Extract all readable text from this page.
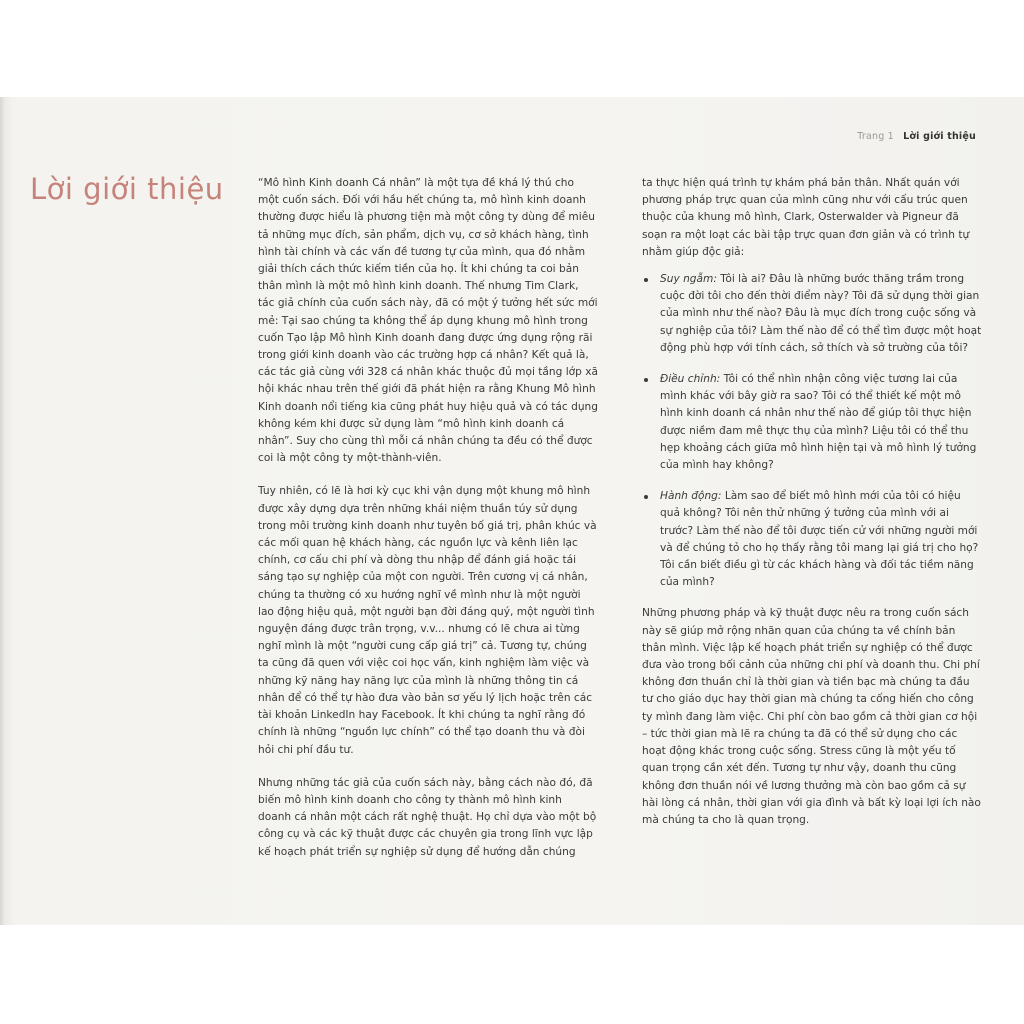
Trang 1 Lời giới thiệu
Lời giới thiệu	“Mô hình Kinh doanh Cá nhân” là một tựa đề khá lý thú cho một cuốn sách. Đối với hầu hết chúng ta, mô hình kinh doanh thường được hiểu là phương tiện mà một công ty dùng để miêu tả những mục đích, sản phẩm, dịch vụ, cơ sở khách hàng, tình hình tài chính và các vấn đề tương tự của mình, qua đó nhằm giải thích cách thức kiếm tiền của họ. Ít khi chúng ta coi bản thân mình là một mô hình kinh doanh. Thế nhưng Tim Clark, tác giả chính của cuốn sách này, đã có một ý tưởng hết sức mới mẻ: Tại sao chúng ta không thể áp dụng khung mô hình trong cuốn Tạo lập Mô hình Kinh doanh đang được ứng dụng rộng rãi trong giới kinh doanh vào các trường hợp cá nhân? Kết quả là, các tác giả cùng với 328 cá nhân khác thuộc đủ mọi tầng lớp xã hội khác nhau trên thế giới đã phát hiện ra rằng Khung Mô hình Kinh doanh nổi tiếng kia cũng phát huy hiệu quả và có tác dụng không kém khi được sử dụng làm “mô hình kinh doanh cá nhân”. Suy cho cùng thì mỗi cá nhân chúng ta đều có thể được coi là một công ty một-thành-viên.

Tuy nhiên, có lẽ là hơi kỳ cục khi vận dụng một khung mô hình được xây dựng dựa trên những khái niệm thuần túy sử dụng trong môi trường kinh doanh như tuyên bố giá trị, phân khúc và các mối quan hệ khách hàng, các nguồn lực và kênh liên lạc chính, cơ cấu chi phí và dòng thu nhập để đánh giá hoặc tái sáng tạo sự nghiệp của một con người. Trên cương vị cá nhân, chúng ta thường có xu hướng nghĩ về mình như là một người lao động hiệu quả, một người bạn đời đáng quý, một người tình nguyện đáng được trân trọng, v.v... nhưng có lẽ chưa ai từng nghĩ mình là một “người cung cấp giá trị” cả. Tương tự, chúng ta cũng đã quen với việc coi học vấn, kinh nghiệm làm việc và những kỹ năng hay năng lực của mình là những thông tin cá nhân để có thể tự hào đưa vào bản sơ yếu lý lịch hoặc trên các tài khoản LinkedIn hay Facebook. Ít khi chúng ta nghĩ rằng đó chính là những “nguồn lực chính” có thể tạo doanh thu và đòi hỏi chi phí đầu tư.

Nhưng những tác giả của cuốn sách này, bằng cách nào đó, đã biến mô hình kinh doanh cho công ty thành mô hình kinh doanh cá nhân một cách rất nghệ thuật. Họ chỉ dựa vào một bộ công cụ và các kỹ thuật được các chuyên gia trong lĩnh vực lập kế hoạch phát triển sự nghiệp sử dụng để hướng dẫn chúng

ta thực hiện quá trình tự khám phá bản thân. Nhất quán với phương pháp trực quan của mình cũng như với cấu trúc quen thuộc của khung mô hình, Clark, Osterwalder và Pigneur đã soạn ra một loạt các bài tập trực quan đơn giản và có trình tự nhằm giúp độc giả:

Suy ngẫm: Tôi là ai? Đâu là những bước thăng trầm trong cuộc đời tôi cho đến thời điểm này? Tôi đã sử dụng thời gian của mình như thế nào? Đâu là mục đích trong cuộc sống và sự nghiệp của tôi? Làm thế nào để có thể tìm được một hoạt động phù hợp với tính cách, sở thích và sở trường của tôi?
Điều chỉnh: Tôi có thể nhìn nhận công việc tương lai của mình khác với bây giờ ra sao? Tôi có thể thiết kế một mô hình kinh doanh cá nhân như thế nào để giúp tôi thực hiện được niềm đam mê thực thụ của mình? Liệu tôi có thể thu hẹp khoảng cách giữa mô hình hiện tại và mô hình lý tưởng của mình hay không?
Hành động: Làm sao để biết mô hình mới của tôi có hiệu quả không? Tôi nên thử những ý tưởng của mình với ai trước? Làm thế nào để tôi được tiến cử với những người mới và để chúng tỏ cho họ thấy rằng tôi mang lại giá trị cho họ? Tôi cần biết điều gì từ các khách hàng và đối tác tiềm năng của mình?

Những phương pháp và kỹ thuật được nêu ra trong cuốn sách này sẽ giúp mở rộng nhãn quan của chúng ta về chính bản thân mình. Việc lập kế hoạch phát triển sự nghiệp có thể được đưa vào trong bối cảnh của những chi phí và doanh thu. Chi phí không đơn thuần chỉ là thời gian và tiền bạc mà chúng ta đầu tư cho giáo dục hay thời gian mà chúng ta cống hiến cho công ty mình đang làm việc. Chi phí còn bao gồm cả thời gian cơ hội – tức thời gian mà lẽ ra chúng ta đã có thể sử dụng cho các hoạt động khác trong cuộc sống. Stress cũng là một yếu tố quan trọng cần xét đến. Tương tự như vậy, doanh thu cũng không đơn thuần nói về lương thưởng mà còn bao gồm cả sự hài lòng cá nhân, thời gian với gia đình và bất kỳ loại lợi ích nào mà chúng ta cho là quan trọng.
